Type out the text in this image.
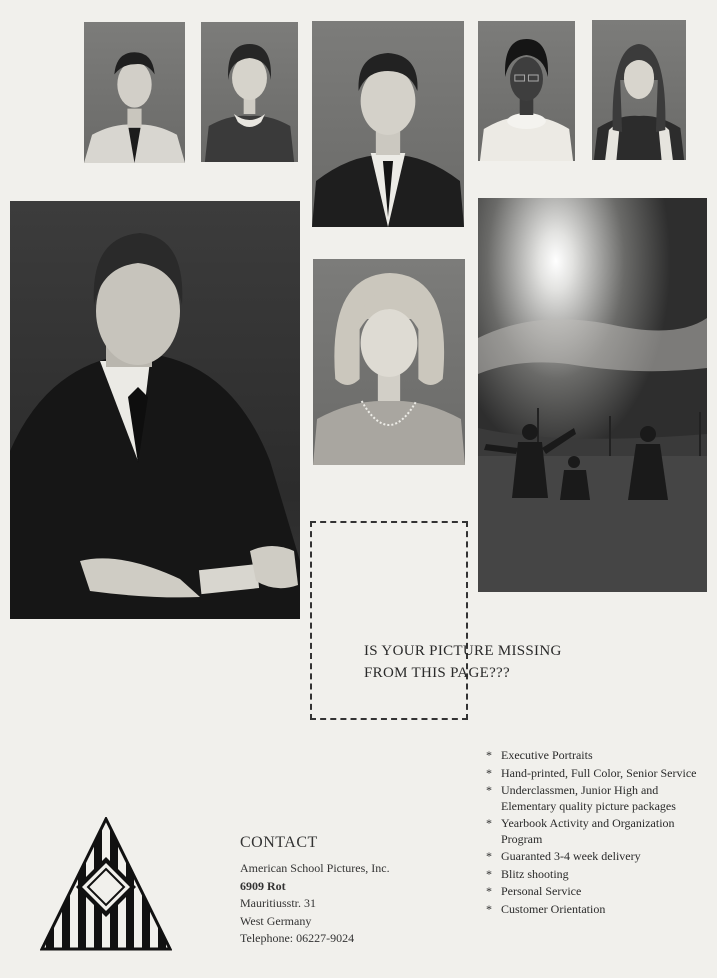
IS YOUR PICTURE MISSING
FROM THIS PAGE???
CONTACT
American School Pictures, Inc.
6909 Rot
Mauritiusstr. 31
West Germany
Telephone: 06227-9024
* Executive Portraits
* Hand-printed, Full Color, Senior Service
* Underclassmen, Junior High and Elementary quality picture packages
* Yearbook Activity and Organization Program
* Guaranted 3-4 week delivery
* Blitz shooting
* Personal Service
* Customer Orientation
